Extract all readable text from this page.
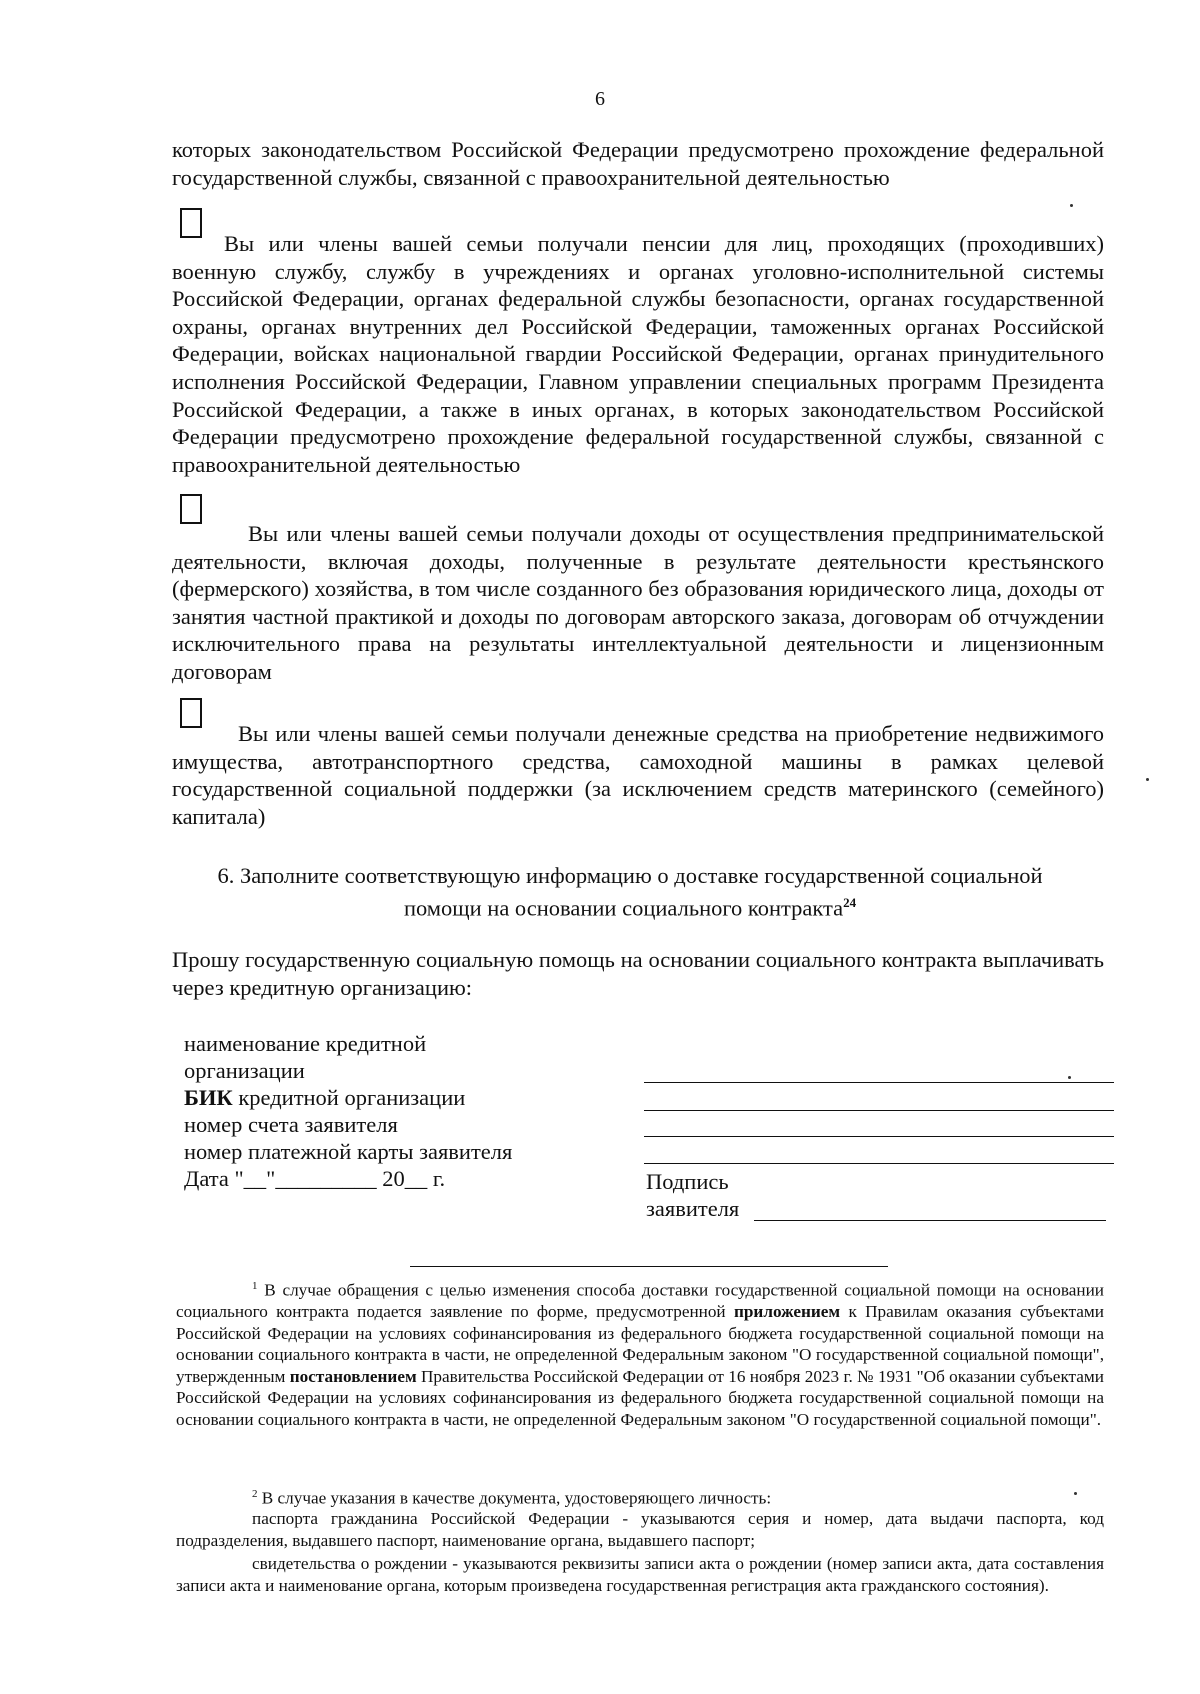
6
которых законодательством Российской Федерации предусмотрено прохождение федеральной государственной службы, связанной с правоохранительной деятельностью
Вы или члены вашей семьи получали пенсии для лиц, проходящих (проходивших) военную службу, службу в учреждениях и органах уголовно-исполнительной системы Российской Федерации, органах федеральной службы безопасности, органах государственной охраны, органах внутренних дел Российской Федерации, таможенных органах Российской Федерации, войсках национальной гвардии Российской Федерации, органах принудительного исполнения Российской Федерации, Главном управлении специальных программ Президента Российской Федерации, а также в иных органах, в которых законодательством Российской Федерации предусмотрено прохождение федеральной государственной службы, связанной с правоохранительной деятельностью
Вы или члены вашей семьи получали доходы от осуществления предпринимательской деятельности, включая доходы, полученные в результате деятельности крестьянского (фермерского) хозяйства, в том числе созданного без образования юридического лица, доходы от занятия частной практикой и доходы по договорам авторского заказа, договорам об отчуждении исключительного права на результаты интеллектуальной деятельности и лицензионным договорам
Вы или члены вашей семьи получали денежные средства на приобретение недвижимого имущества, автотранспортного средства, самоходной машины в рамках целевой государственной социальной поддержки (за исключением средств материнского (семейного) капитала)
6. Заполните соответствующую информацию о доставке государственной социальной
помощи на основании социального контракта$^{24}$
Прошу государственную социальную помощь на основании социального контракта выплачивать через кредитную организацию:
наименование кредитной
организации
БИК кредитной организации
номер счета заявителя
номер платежной карты заявителя
Дата "__"_________ 20__ г.	Подпись
заявителя
$^1$ В случае обращения с целью изменения способа доставки государственной социальной помощи на основании социального контракта подается заявление по форме, предусмотренной приложением к Правилам оказания субъектами Российской Федерации на условиях софинансирования из федерального бюджета государственной социальной помощи на основании социального контракта в части, не определенной Федеральным законом "О государственной социальной помощи", утвержденным постановлением Правительства Российской Федерации от 16 ноября 2023 г. № 1931 "Об оказании субъектами Российской Федерации на условиях софинансирования из федерального бюджета государственной социальной помощи на основании социального контракта в части, не определенной Федеральным законом "О государственной социальной помощи".
$^2$ В случае указания в качестве документа, удостоверяющего личность:
паспорта гражданина Российской Федерации - указываются серия и номер, дата выдачи паспорта, код подразделения, выдавшего паспорт, наименование органа, выдавшего паспорт;
свидетельства о рождении - указываются реквизиты записи акта о рождении (номер записи акта, дата составления записи акта и наименование органа, которым произведена государственная регистрация акта гражданского состояния).
